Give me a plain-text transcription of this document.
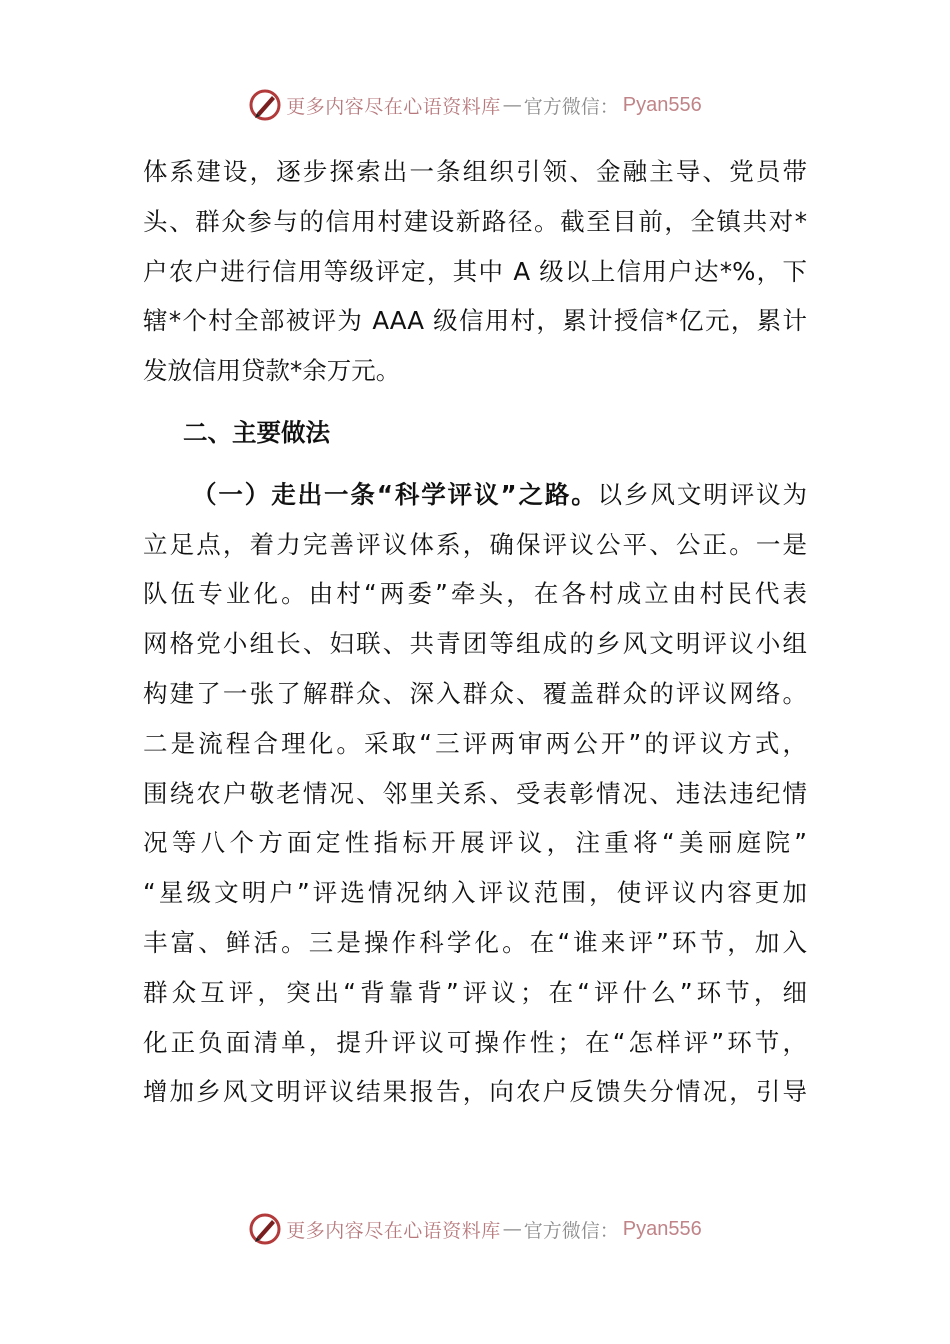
更多内容尽在心语资料库 — 官方微信： Pyan556
体系建设，逐步探索出一条组织引领、金融主导、党员带
头、群众参与的信用村建设新路径。截至目前，全镇共对*
户农户进行信用等级评定，其中 A 级以上信用户达*%，下
辖*个村全部被评为 AAA 级信用村，累计授信*亿元，累计
发放信用贷款*余万元。
二、主要做法
（一）走出一条“科学评议”之路。以乡风文明评议为
立足点，着力完善评议体系，确保评议公平、公正。一是
队伍专业化。由村“两委”牵头，在各村成立由村民代表
网格党小组长、妇联、共青团等组成的乡风文明评议小组
构建了一张了解群众、深入群众、覆盖群众的评议网络。
二是流程合理化。采取“三评两审两公开”的评议方式，
围绕农户敬老情况、邻里关系、受表彰情况、违法违纪情
况等八个方面定性指标开展评议，注重将“美丽庭院”
“星级文明户”评选情况纳入评议范围，使评议内容更加
丰富、鲜活。三是操作科学化。在“谁来评”环节，加入
群众互评，突出“背靠背”评议；在“评什么”环节，细
化正负面清单，提升评议可操作性；在“怎样评”环节，
增加乡风文明评议结果报告，向农户反馈失分情况，引导
更多内容尽在心语资料库 — 官方微信： Pyan556
